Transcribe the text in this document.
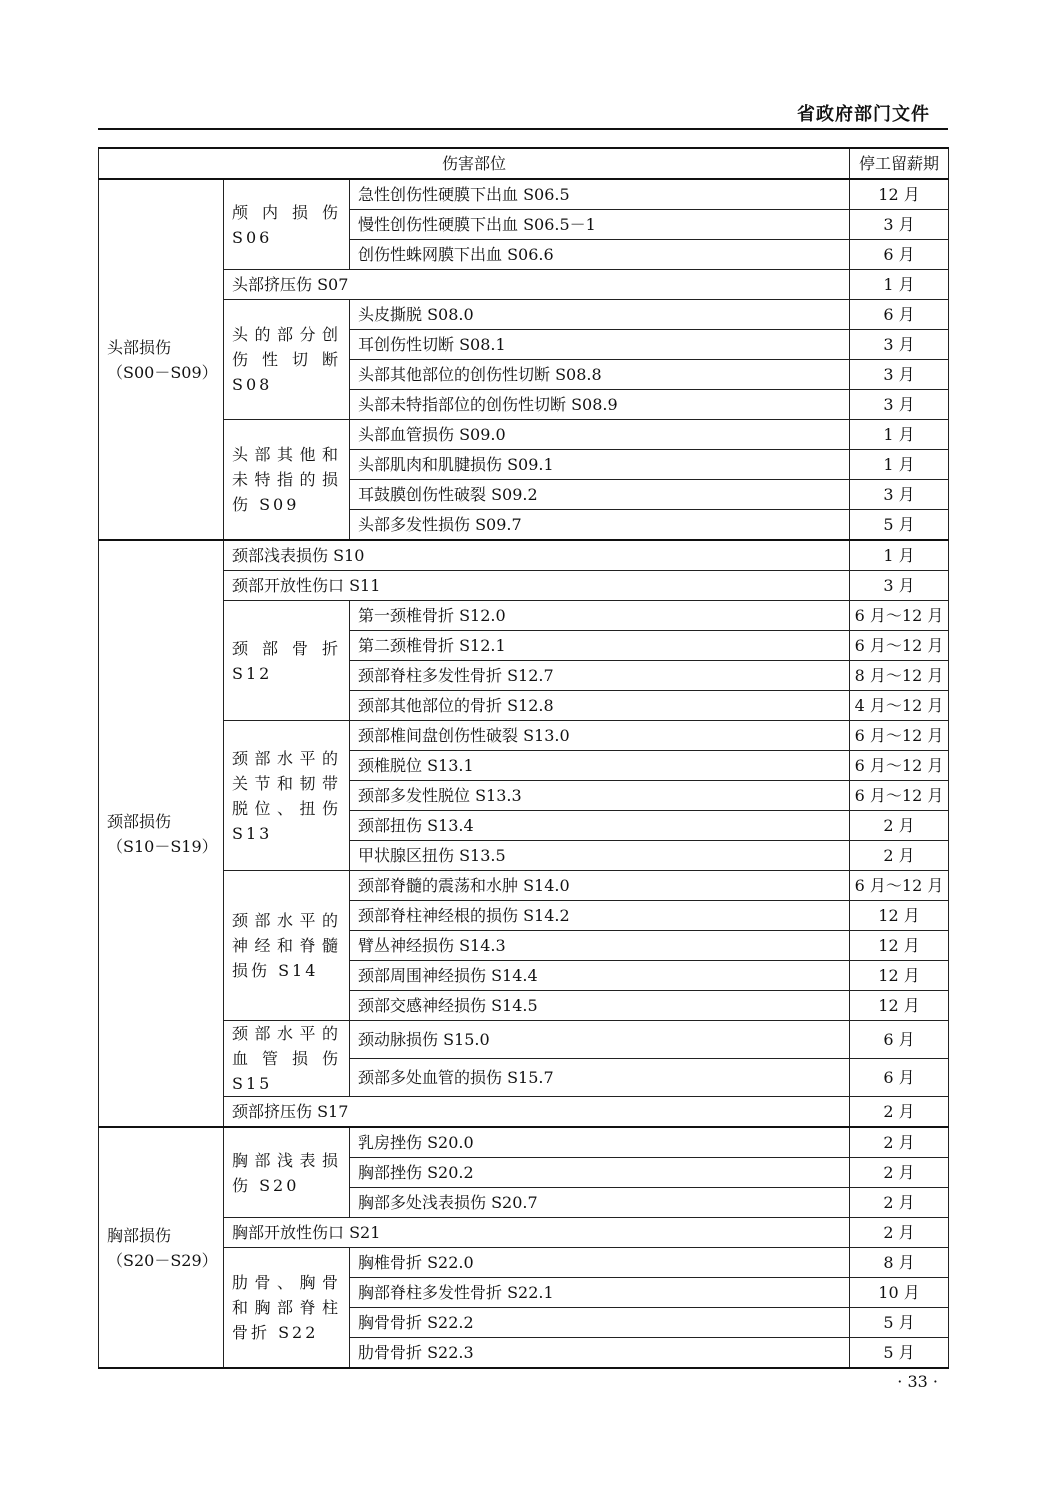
省政府部门文件
伤害部位			停工留薪期

头部损伤
（S00－S09）	颅内损伤 S06	急性创伤性硬膜下出血 S06.5	12 月
		慢性创伤性硬膜下出血 S06.5－1	3 月
		创伤性蛛网膜下出血 S06.6	6 月
	头部挤压伤 S07		1 月
	头的部分创伤性切断 S08	头皮撕脱 S08.0	6 月
		耳创伤性切断 S08.1	3 月
		头部其他部位的创伤性切断 S08.8	3 月
		头部未特指部位的创伤性切断 S08.9	3 月
	头部其他和未特指的损伤 S09	头部血管损伤 S09.0	1 月
		头部肌肉和肌腱损伤 S09.1	1 月
		耳鼓膜创伤性破裂 S09.2	3 月
		头部多发性损伤 S09.7	5 月

颈部损伤
（S10－S19）	颈部浅表损伤 S10		1 月
	颈部开放性伤口 S11		3 月
	颈部骨折 S12	第一颈椎骨折 S12.0	6 月～12 月
		第二颈椎骨折 S12.1	6 月～12 月
		颈部脊柱多发性骨折 S12.7	8 月～12 月
		颈部其他部位的骨折 S12.8	4 月～12 月
	颈部水平的关节和韧带脱位、扭伤 S13	颈部椎间盘创伤性破裂 S13.0	6 月～12 月
		颈椎脱位 S13.1	6 月～12 月
		颈部多发性脱位 S13.3	6 月～12 月
		颈部扭伤 S13.4	2 月
		甲状腺区扭伤 S13.5	2 月
	颈部水平的神经和脊髓损伤 S14	颈部脊髓的震荡和水肿 S14.0	6 月～12 月
		颈部脊柱神经根的损伤 S14.2	12 月
		臂丛神经损伤 S14.3	12 月
		颈部周围神经损伤 S14.4	12 月
		颈部交感神经损伤 S14.5	12 月
	颈部水平的血管损伤 S15	颈动脉损伤 S15.0	6 月
		颈部多处血管的损伤 S15.7	6 月
	颈部挤压伤 S17		2 月

胸部损伤
（S20－S29）	胸部浅表损伤 S20	乳房挫伤 S20.0	2 月
		胸部挫伤 S20.2	2 月
		胸部多处浅表损伤 S20.7	2 月
	胸部开放性伤口 S21		2 月
	肋骨、胸骨和胸部脊柱骨折 S22	胸椎骨折 S22.0	8 月
		胸部脊柱多发性骨折 S22.1	10 月
		胸骨骨折 S22.2	5 月
		肋骨骨折 S22.3	5 月
· 33 ·
